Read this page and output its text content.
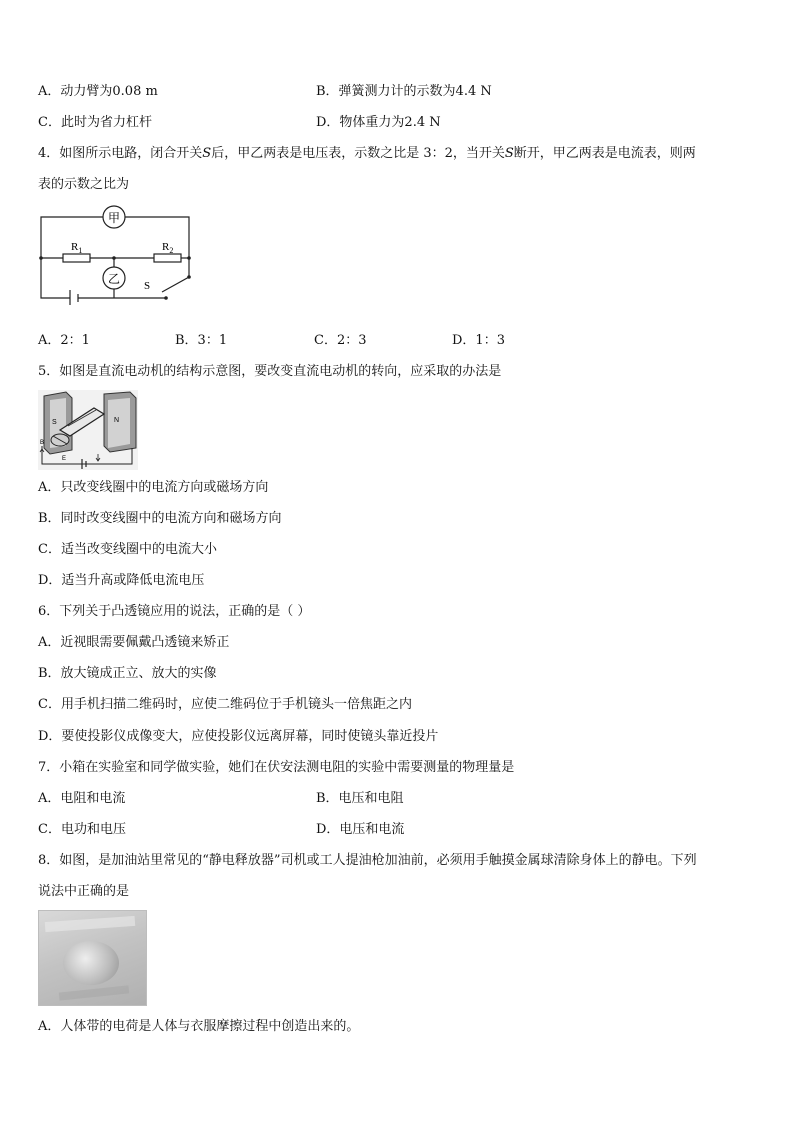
A．动力臂为0.08 m	B．弹簧测力计的示数为4.4 N
C．此时为省力杠杆	D．物体重力为2.4 N
4．如图所示电路，闭合开关S后，甲乙两表是电压表，示数之比是 3：2，当开关S断开，甲乙两表是电流表，则两
表的示数之比为
甲
乙
$R_1$	$R_2$
S
A．2：1	B．3：1	C．2：3	D．1：3
5．如图是直流电动机的结构示意图，要改变直流电动机的转向，应采取的办法是
S	N
B
E
A．只改变线圈中的电流方向或磁场方向
B．同时改变线圈中的电流方向和磁场方向
C．适当改变线圈中的电流大小
D．适当升高或降低电流电压
6．下列关于凸透镜应用的说法，正确的是（ ）
A．近视眼需要佩戴凸透镜来矫正
B．放大镜成正立、放大的实像
C．用手机扫描二维码时，应使二维码位于手机镜头一倍焦距之内
D．要使投影仪成像变大，应使投影仪远离屏幕，同时使镜头靠近投片
7．小箱在实验室和同学做实验，她们在伏安法测电阻的实验中需要测量的物理量是
A．电阻和电流	B．电压和电阻
C．电功和电压	D．电压和电流
8．如图，是加油站里常见的“静电释放器”司机或工人提油枪加油前，必须用手触摸金属球清除身体上的静电。下列
说法中正确的是
A．人体带的电荷是人体与衣服摩擦过程中创造出来的。
